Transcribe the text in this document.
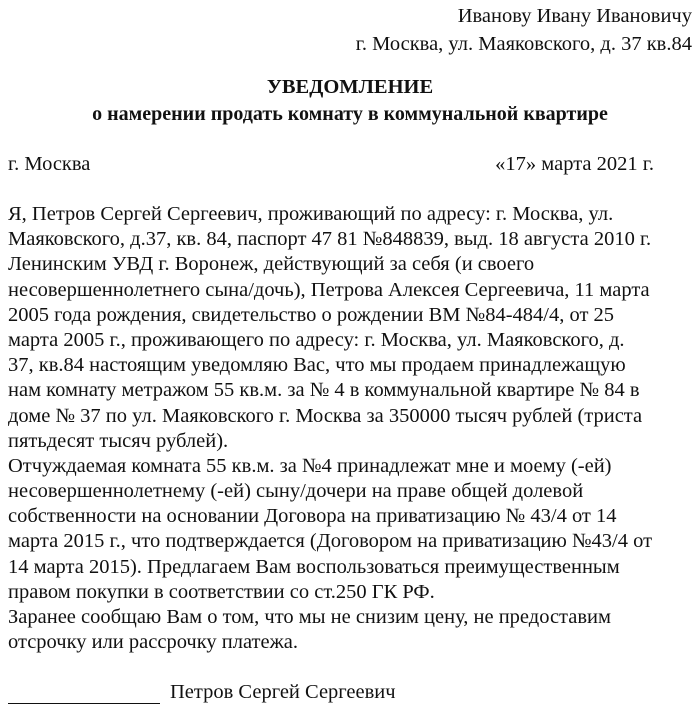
Иванову Ивану Ивановичу
г. Москва, ул. Маяковского, д. 37 кв.84
УВЕДОМЛЕНИЕ
о намерении продать комнату в коммунальной квартире
г. Москва	«17» марта 2021 г.
Я, Петров Сергей Сергеевич, проживающий по адресу: г. Москва, ул.
Маяковского, д.37, кв. 84, паспорт 47 81 №848839, выд. 18 августа 2010 г.
Ленинским УВД г. Воронеж, действующий за себя (и своего
несовершеннолетнего сына/дочь), Петрова Алексея Сергеевича, 11 марта
2005 года рождения, свидетельство о рождении ВМ №84-484/4, от 25
марта 2005 г., проживающего по адресу: г. Москва, ул. Маяковского, д.
37, кв.84 настоящим уведомляю Вас, что мы продаем принадлежащую
нам комнату метражом 55 кв.м. за № 4 в коммунальной квартире № 84 в
доме № 37 по ул. Маяковского г. Москва за 350000 тысяч рублей (триста
пятьдесят тысяч рублей).
Отчуждаемая комната 55 кв.м. за №4 принадлежат мне и моему (-ей)
несовершеннолетнему (-ей) сыну/дочери на праве общей долевой
собственности на основании Договора на приватизацию № 43/4 от 14
марта 2015 г., что подтверждается (Договором на приватизацию №43/4 от
14 марта 2015). Предлагаем Вам воспользоваться преимущественным
правом покупки в соответствии со ст.250 ГК РФ.
Заранее сообщаю Вам о том, что мы не снизим цену, не предоставим
отсрочку или рассрочку платежа.
Петров Сергей Сергеевич
